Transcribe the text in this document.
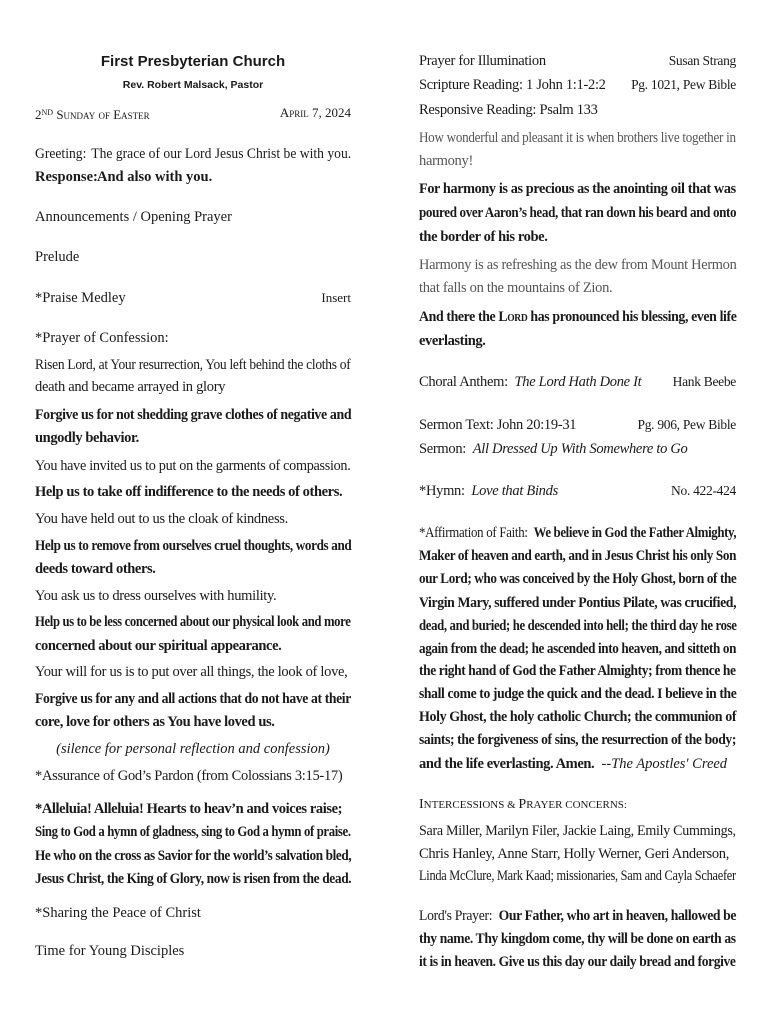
First Presbyterian Church
Rev. Robert Malsack, Pastor
2ND Sunday of Easter	April 7, 2024
Greeting: The grace of our Lord Jesus Christ be with you.
Response:And also with you.
Announcements / Opening Prayer
Prelude
*Praise Medley	Insert
*Prayer of Confession:
Risen Lord, at Your resurrection, You left behind the cloths of
death and became arrayed in glory
Forgive us for not shedding grave clothes of negative and
ungodly behavior.
You have invited us to put on the garments of compassion.
Help us to take off indifference to the needs of others.
You have held out to us the cloak of kindness.
Help us to remove from ourselves cruel thoughts, words and
deeds toward others.
You ask us to dress ourselves with humility.
Help us to be less concerned about our physical look and more
concerned about our spiritual appearance.
Your will for us is to put over all things, the look of love,
Forgive us for any and all actions that do not have at their
core, love for others as You have loved us.
(silence for personal reflection and confession)
*Assurance of God’s Pardon (from Colossians 3:15-17)
*Alleluia! Alleluia! Hearts to heav’n and voices raise;
Sing to God a hymn of gladness, sing to God a hymn of praise.
He who on the cross as Savior for the world’s salvation bled,
Jesus Christ, the King of Glory, now is risen from the dead.
*Sharing the Peace of Christ
Time for Young Disciples
Prayer for Illumination	Susan Strang
Scripture Reading: 1 John 1:1-2:2 Pg. 1021, Pew Bible
Responsive Reading: Psalm 133
How wonderful and pleasant it is when brothers live together in
harmony!
For harmony is as precious as the anointing oil that was
poured over Aaron’s head, that ran down his beard and onto
the border of his robe.
Harmony is as refreshing as the dew from Mount Hermon
that falls on the mountains of Zion.
And there the Lord has pronounced his blessing, even life
everlasting.
Choral Anthem: The Lord Hath Done It Hank Beebe
Sermon Text: John 20:19-31	Pg. 906, Pew Bible
Sermon: All Dressed Up With Somewhere to Go
*Hymn: Love that Binds	No. 422-424
*Affirmation of Faith: We believe in God the Father Almighty,
Maker of heaven and earth, and in Jesus Christ his only Son
our Lord; who was conceived by the Holy Ghost, born of the
Virgin Mary, suffered under Pontius Pilate, was crucified,
dead, and buried; he descended into hell; the third day he rose
again from the dead; he ascended into heaven, and sitteth on
the right hand of God the Father Almighty; from thence he
shall come to judge the quick and the dead. I believe in the
Holy Ghost, the holy catholic Church; the communion of
saints; the forgiveness of sins, the resurrection of the body;
and the life everlasting. Amen. --The Apostles' Creed
INTERCESSIONS & PRAYER CONCERNS:
Sara Miller, Marilyn Filer, Jackie Laing, Emily Cummings,
Chris Hanley, Anne Starr, Holly Werner, Geri Anderson,
Linda McClure, Mark Kaad; missionaries, Sam and Cayla Schaefer
Lord's Prayer: Our Father, who art in heaven, hallowed be
thy name. Thy kingdom come, thy will be done on earth as
it is in heaven. Give us this day our daily bread and forgive
